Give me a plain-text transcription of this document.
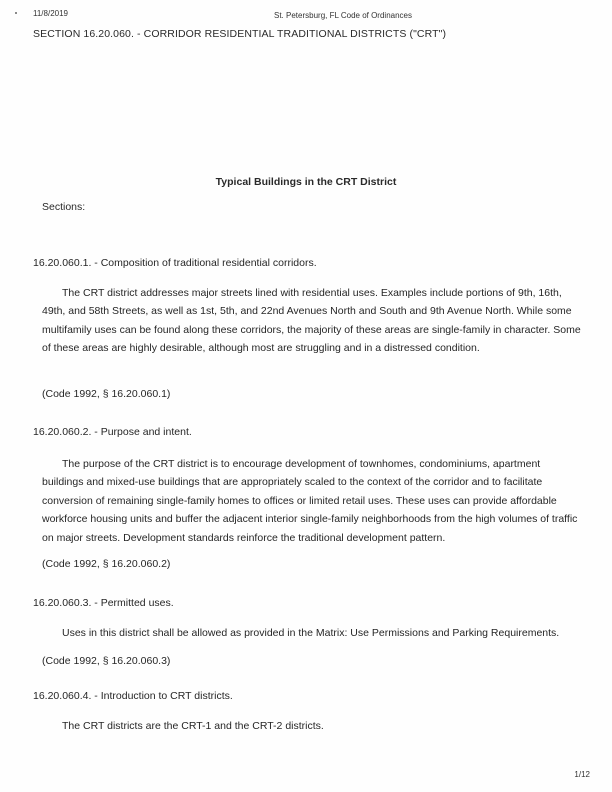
11/8/2019	St. Petersburg, FL Code of Ordinances
SECTION 16.20.060. - CORRIDOR RESIDENTIAL TRADITIONAL DISTRICTS ("CRT")
Typical Buildings in the CRT District
Sections:
16.20.060.1. - Composition of traditional residential corridors.
The CRT district addresses major streets lined with residential uses. Examples include portions of 9th, 16th, 49th, and 58th Streets, as well as 1st, 5th, and 22nd Avenues North and South and 9th Avenue North. While some multifamily uses can be found along these corridors, the majority of these areas are single-family in character. Some of these areas are highly desirable, although most are struggling and in a distressed condition.
(Code 1992, § 16.20.060.1)
16.20.060.2. - Purpose and intent.
The purpose of the CRT district is to encourage development of townhomes, condominiums, apartment buildings and mixed-use buildings that are appropriately scaled to the context of the corridor and to facilitate conversion of remaining single-family homes to offices or limited retail uses. These uses can provide affordable workforce housing units and buffer the adjacent interior single-family neighborhoods from the high volumes of traffic on major streets. Development standards reinforce the traditional development pattern.
(Code 1992, § 16.20.060.2)
16.20.060.3. - Permitted uses.
Uses in this district shall be allowed as provided in the Matrix: Use Permissions and Parking Requirements.
(Code 1992, § 16.20.060.3)
16.20.060.4. - Introduction to CRT districts.
The CRT districts are the CRT-1 and the CRT-2 districts.
1/12
